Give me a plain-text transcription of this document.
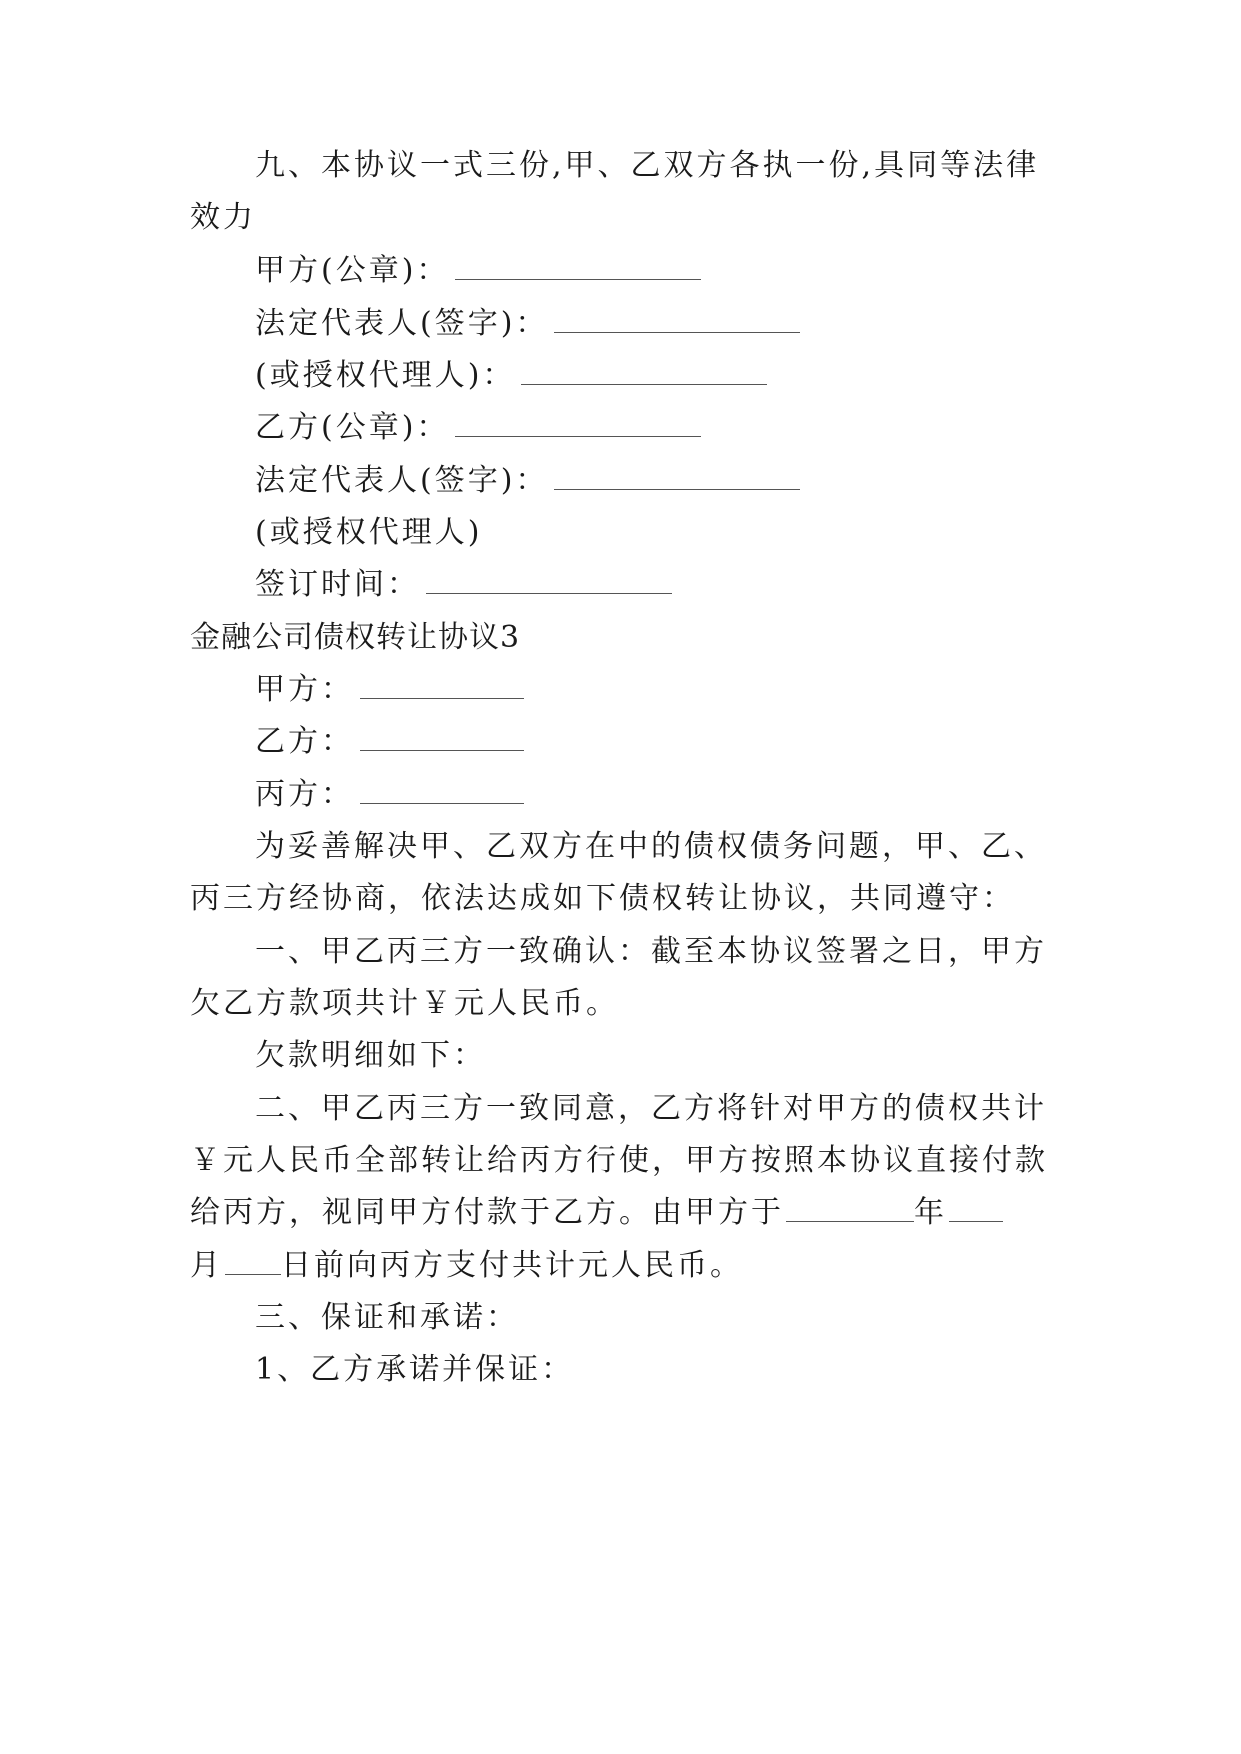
九、本协议一式三份,甲、乙双方各执一份,具同等法律
效力
甲方(公章)：
法定代表人(签字)：
(或授权代理人)：
乙方(公章)：
法定代表人(签字)：
(或授权代理人)
签订时间：
金融公司债权转让协议3
甲方：
乙方：
丙方：
为妥善解决甲、乙双方在中的债权债务问题，甲、乙、
丙三方经协商，依法达成如下债权转让协议，共同遵守：
一、甲乙丙三方一致确认：截至本协议签署之日，甲方
欠乙方款项共计￥元人民币。
欠款明细如下：
二、甲乙丙三方一致同意，乙方将针对甲方的债权共计
￥元人民币全部转让给丙方行使，甲方按照本协议直接付款
给丙方，视同甲方付款于乙方。由甲方于	年
月 日前向丙方支付共计元人民币。
三、保证和承诺：
1、乙方承诺并保证：
